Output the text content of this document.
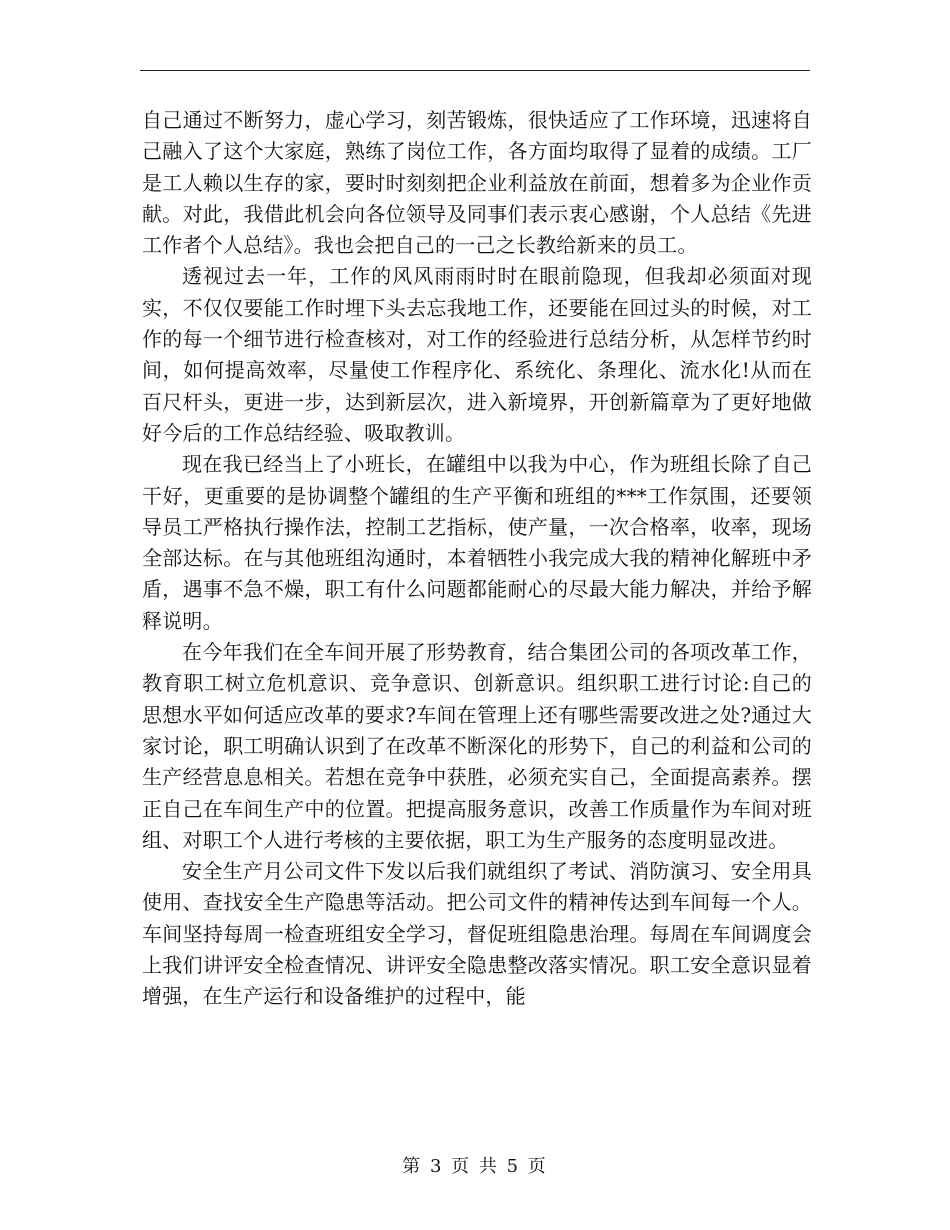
自己通过不断努力，虚心学习，刻苦锻炼，很快适应了工作环境，迅速将自己融入了这个大家庭，熟练了岗位工作，各方面均取得了显着的成绩。工厂是工人赖以生存的家，要时时刻刻把企业利益放在前面，想着多为企业作贡献。对此，我借此机会向各位领导及同事们表示衷心感谢，个人总结《先进工作者个人总结》。我也会把自己的一己之长教给新来的员工。

透视过去一年，工作的风风雨雨时时在眼前隐现，但我却必须面对现实，不仅仅要能工作时埋下头去忘我地工作，还要能在回过头的时候，对工作的每一个细节进行检查核对，对工作的经验进行总结分析，从怎样节约时间，如何提高效率，尽量使工作程序化、系统化、条理化、流水化!从而在百尺杆头，更进一步，达到新层次，进入新境界，开创新篇章为了更好地做好今后的工作总结经验、吸取教训。

现在我已经当上了小班长，在罐组中以我为中心，作为班组长除了自己干好，更重要的是协调整个罐组的生产平衡和班组的***工作氛围，还要领导员工严格执行操作法，控制工艺指标，使产量，一次合格率，收率，现场全部达标。在与其他班组沟通时，本着牺牲小我完成大我的精神化解班中矛盾，遇事不急不燥，职工有什么问题都能耐心的尽最大能力解决，并给予解释说明。

在今年我们在全车间开展了形势教育，结合集团公司的各项改革工作，教育职工树立危机意识、竞争意识、创新意识。组织职工进行讨论:自己的思想水平如何适应改革的要求?车间在管理上还有哪些需要改进之处?通过大家讨论，职工明确认识到了在改革不断深化的形势下，自己的利益和公司的生产经营息息相关。若想在竞争中获胜，必须充实自己，全面提高素养。摆正自己在车间生产中的位置。把提高服务意识，改善工作质量作为车间对班组、对职工个人进行考核的主要依据，职工为生产服务的态度明显改进。

安全生产月公司文件下发以后我们就组织了考试、消防演习、安全用具使用、查找安全生产隐患等活动。把公司文件的精神传达到车间每一个人。车间坚持每周一检查班组安全学习，督促班组隐患治理。每周在车间调度会上我们讲评安全检查情况、讲评安全隐患整改落实情况。职工安全意识显着增强，在生产运行和设备维护的过程中，能

第 3 页 共 5 页
